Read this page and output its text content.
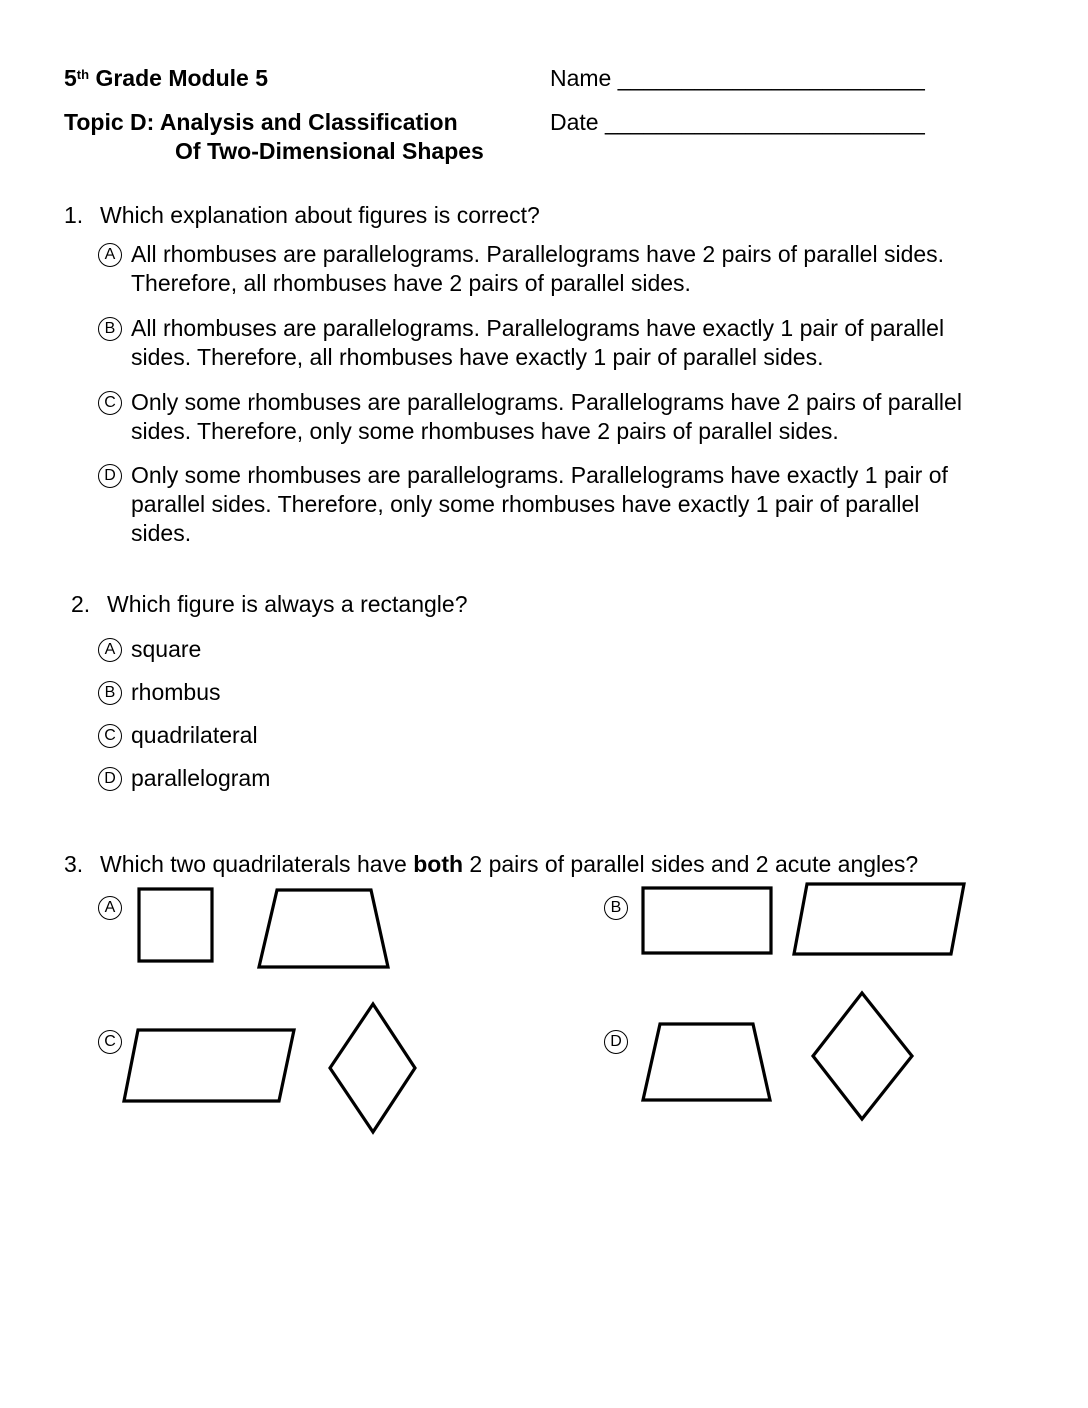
5th Grade Module 5
Topic D: Analysis and Classification
Of Two-Dimensional Shapes
Name ________________________
Date _________________________
1. Which explanation about figures is correct?
A All rhombuses are parallelograms. Parallelograms have 2 pairs of parallel sides.
Therefore, all rhombuses have 2 pairs of parallel sides.
B All rhombuses are parallelograms. Parallelograms have exactly 1 pair of parallel
sides. Therefore, all rhombuses have exactly 1 pair of parallel sides.
C Only some rhombuses are parallelograms. Parallelograms have 2 pairs of parallel
sides. Therefore, only some rhombuses have 2 pairs of parallel sides.
D Only some rhombuses are parallelograms. Parallelograms have exactly 1 pair of
parallel sides. Therefore, only some rhombuses have exactly 1 pair of parallel
sides.
2. Which figure is always a rectangle?
A square
B rhombus
C quadrilateral
D parallelogram
3. Which two quadrilaterals have both 2 pairs of parallel sides and 2 acute angles?
A	B
C	D
